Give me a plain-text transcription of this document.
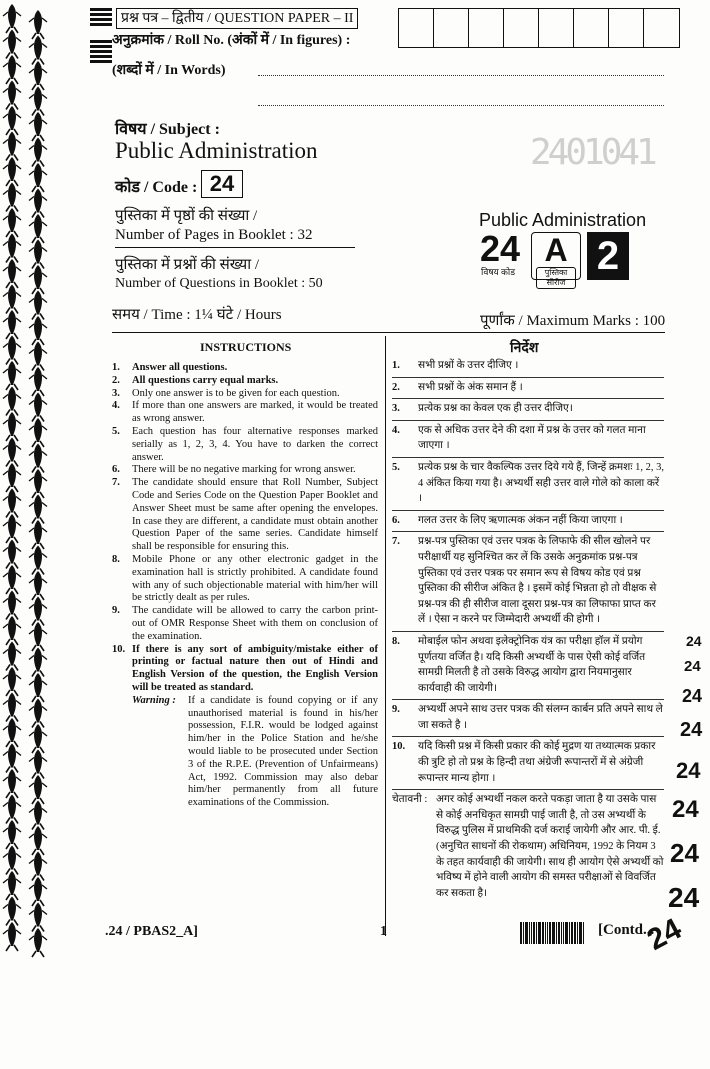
प्रश्न पत्र – द्वितीय / QUESTION PAPER – II
अनुक्रमांक / Roll No. (अंकों में / In figures) :
(शब्दों में / In Words)
विषय / Subject :
Public Administration
कोड / Code : 24
2401041
पुस्तिका में पृष्ठों की संख्या /
Number of Pages in Booklet : 32
पुस्तिका में प्रश्नों की संख्या /
Number of Questions in Booklet : 50
Public Administration
24
विषय कोड
A
पुस्तिका सीरीज
2
समय / Time : 1¼ घंटे / Hours	पूर्णांक / Maximum Marks : 100
INSTRUCTIONS
1.	Answer all questions.
2.	All questions carry equal marks.
3.	Only one answer is to be given for each question.
4.	If more than one answers are marked, it would be treated as wrong answer.
5.	Each question has four alternative responses marked serially as 1, 2, 3, 4. You have to darken the correct answer.
6.	There will be no negative marking for wrong answer.
7.	The candidate should ensure that Roll Number, Subject Code and Series Code on the Question Paper Booklet and Answer Sheet must be same after opening the envelopes. In case they are different, a candidate must obtain another Question Paper of the same series. Candidate himself shall be responsible for ensuring this.
8.	Mobile Phone or any other electronic gadget in the examination hall is strictly prohibited. A candidate found with any of such objectionable material with him/her will be strictly dealt as per rules.
9.	The candidate will be allowed to carry the carbon print-out of OMR Response Sheet with them on conclusion of the examination.
10. If there is any sort of ambiguity/mistake either of printing or factual nature then out of Hindi and English Version of the question, the English Version will be treated as standard.
Warning :	If a candidate is found copying or if any unauthorised material is found in his/her possession, F.I.R. would be lodged against him/her in the Police Station and he/she would liable to be prosecuted under Section 3 of the R.P.E. (Prevention of Unfairmeans) Act, 1992. Commission may also debar him/her permanently from all future examinations of the Commission.
निर्देश
1.	सभी प्रश्नों के उत्तर दीजिए ।
2.	सभी प्रश्नों के अंक समान हैं ।
3.	प्रत्येक प्रश्न का केवल एक ही उत्तर दीजिए।
4.	एक से अधिक उत्तर देने की दशा में प्रश्न के उत्तर को गलत माना जाएगा ।
5.	प्रत्येक प्रश्न के चार वैकल्पिक उत्तर दिये गये हैं, जिन्हें क्रमशः 1, 2, 3, 4 अंकित किया गया है। अभ्यर्थी सही उत्तर वाले गोले को काला करें ।
6.	गलत उत्तर के लिए ऋणात्मक अंकन नहीं किया जाएगा ।
7.	प्रश्न-पत्र पुस्तिका एवं उत्तर पत्रक के लिफाफे की सील खोलने पर परीक्षार्थी यह सुनिश्चित कर लें कि उसके अनुक्रमांक प्रश्न-पत्र पुस्तिका एवं उत्तर पत्रक पर समान रूप से विषय कोड एवं प्रश्न पुस्तिका की सीरीज अंकित है । इसमें कोई भिन्नता हो तो वीक्षक से प्रश्न-पत्र की ही सीरीज वाला दूसरा प्रश्न-पत्र का लिफाफा प्राप्त कर लें । ऐसा न करने पर जिम्मेदारी अभ्यर्थी की होगी ।
8.	मोबाईल फोन अथवा इलेक्ट्रोनिक यंत्र का परीक्षा हॉल में प्रयोग पूर्णतया वर्जित है। यदि किसी अभ्यर्थी के पास ऐसी कोई वर्जित सामग्री मिलती है तो उसके विरुद्ध आयोग द्वारा नियमानुसार कार्यवाही की जायेगी।
9.	अभ्यर्थी अपने साथ उत्तर पत्रक की संलग्न कार्बन प्रति अपने साथ ले जा सकते है ।
10.	यदि किसी प्रश्न में किसी प्रकार की कोई मुद्रण या तथ्यात्मक प्रकार की त्रुटि हो तो प्रश्न के हिन्दी तथा अंग्रेजी रूपान्तरों में से अंग्रेजी रूपान्तर मान्य होगा ।
चेतावनी : अगर कोई अभ्यर्थी नकल करते पकड़ा जाता है या उसके पास से कोई अनधिकृत सामग्री पाई जाती है, तो उस अभ्यर्थी के विरुद्ध पुलिस में प्राथमिकी दर्ज कराई जायेगी और आर. पी. ई. (अनुचित साधनों की रोकथाम) अधिनियम, 1992 के नियम 3 के तहत कार्यवाही की जायेगी। साथ ही आयोग ऐसे अभ्यर्थी को भविष्य में होने वाली आयोग की समस्त परीक्षाओं से विवर्जित कर सकता है।
24
24
24
24
24
24
24
24
.24 / PBAS2_A]	1	[Contd...
24
